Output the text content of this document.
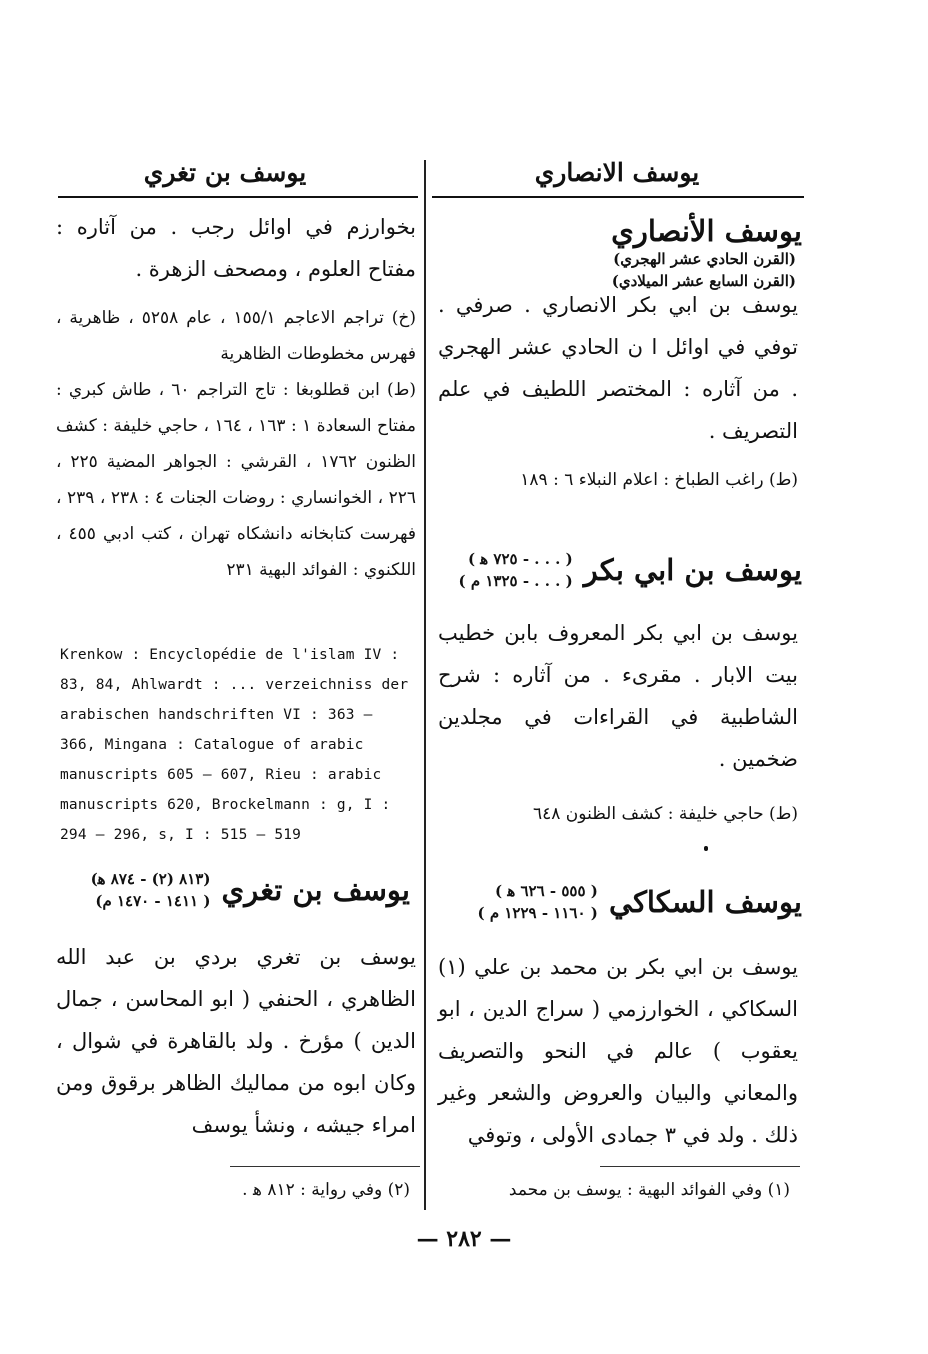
يوسف الانصاري
يوسف بن تغري
يوسف الأنصاري (القرن الحادي عشر الهجري)
(القرن السابع عشر الميلادي)
يوسف بن ابي بكر الانصاري . صرفي . توفي في اوائل ا ن الحادي عشر الهجري . من آثاره : المختصر اللطيف في علم التصريف .
(ط) راغب الطباخ : اعلام النبلاء ٦ : ١٨٩
يوسف بن ابي بكر ( . . . - ٧٢٥ ﻫ )
( . . . - ١٣٢٥ م )
يوسف بن ابي بكر المعروف بابن خطيب بيت الابار . مقرىء . من آثاره : شرح الشاطبية في القراءات في مجلدين ضخمين .
(ط) حاجي خليفة : كشف الظنون ٦٤٨
يوسف السكاكي ( ٥٥٥ - ٦٢٦ ﻫ )
( ١١٦٠ - ١٢٢٩ م )
يوسف بن ابي بكر بن محمد بن علي (١) السكاكي ، الخوارزمي ( سراج الدين ، ابو يعقوب ) عالم في النحو والتصريف والمعاني والبيان والعروض والشعر وغير ذلك . ولد في ٣ جمادى الأولى ، وتوفي
(١) وفي الفوائد البهية : يوسف بن محمد
بخوارزم في اوائل رجب . من آثاره : مفتاح العلوم ، ومصحف الزهرة .
(خ) تراجم الاعاجم ١٥٥/١ ، عام ٥٢٥٨ ، ظاهرية ، فهرس مخطوطات الظاهرية
(ط) ابن قطلوبغا : تاج التراجم ٦٠ ، طاش كبري : مفتاح السعادة ١ : ١٦٣ ، ١٦٤ ، حاجي خليفة : كشف الظنون ١٧٦٢ ، القرشي : الجواهر المضية ٢٢٥ ، ٢٢٦ ، الخوانساري : روضات الجنات ٤ : ٢٣٨ ، ٢٣٩ ، فهرست كتابخانه دانشكاه تهران ، كتب ادبي ٤٥٥ ، اللكنوي : الفوائد البهية ٢٣١
Krenkow : Encyclopédie de l'islam IV : 83, 84, Ahlwardt : ... verzeichniss der arabischen handschriften VI : 363 — 366, Mingana : Catalogue of arabic manuscripts 605 — 607, Rieu : arabic manuscripts 620, Brockelmann : g, I : 294 — 296, s, I : 515 — 519
يوسف بن تغري (٨١٣ (٢) - ٨٧٤ ﻫ)
( ١٤١١ - ١٤٧٠ م)
يوسف بن تغري بردي بن عبد الله الظاهري ، الحنفي ( ابو المحاسن ، جمال الدين ) مؤرخ . ولد بالقاهرة في شوال ، وكان ابوه من مماليك الظاهر برقوق ومن امراء جيشه ، ونشأ يوسف
(٢) وفي رواية : ٨١٢ ﻫ .
— ٢٨٢ —
